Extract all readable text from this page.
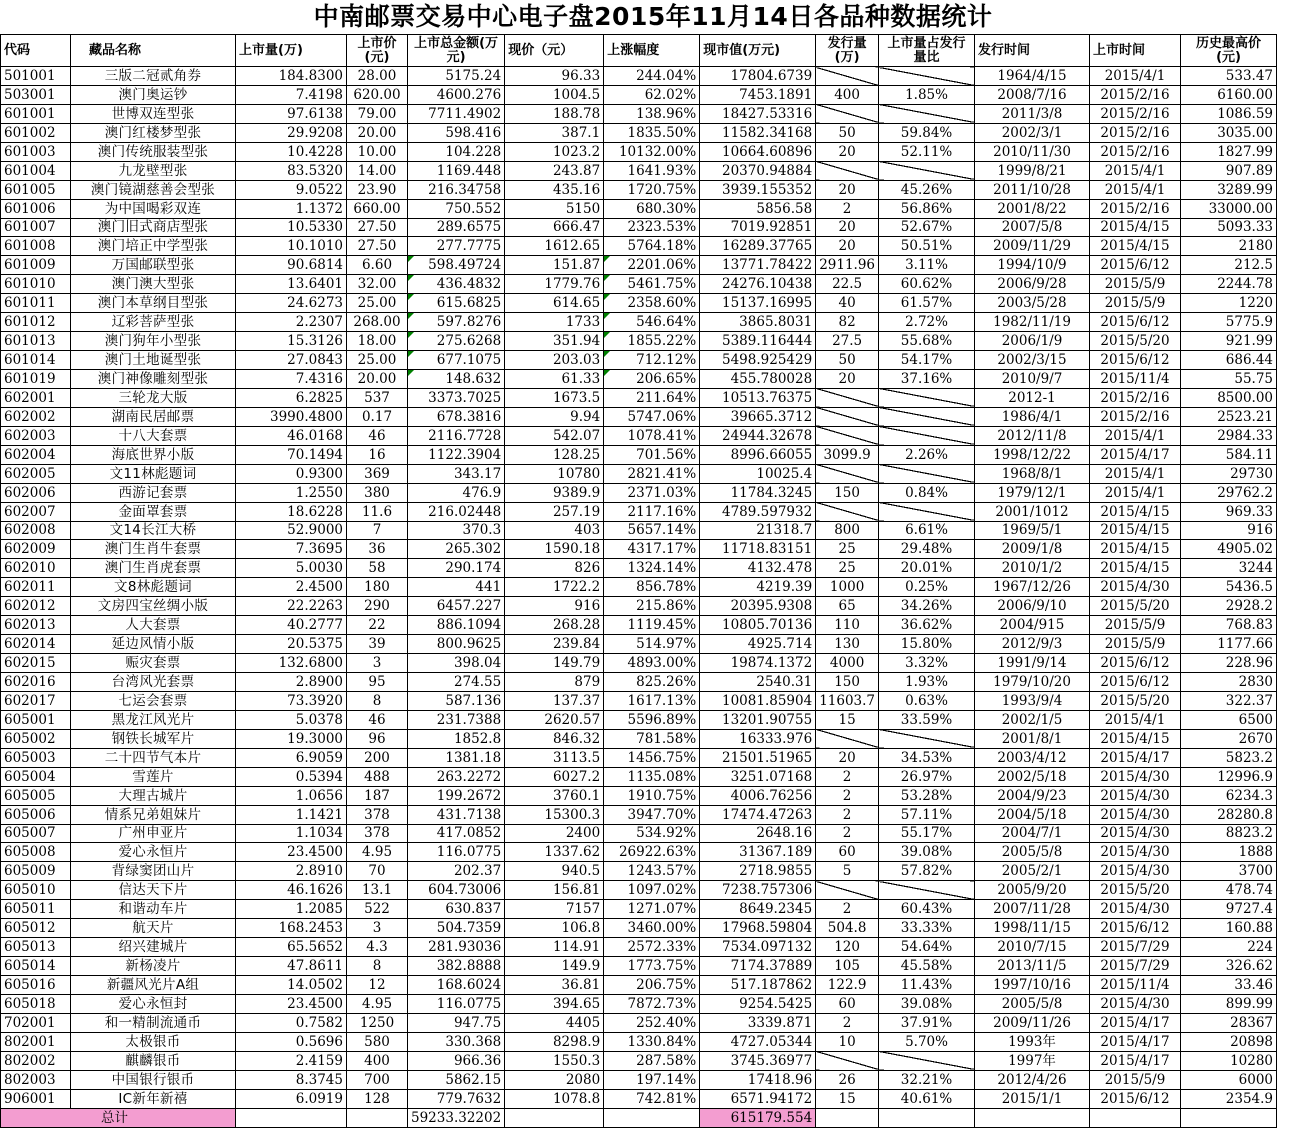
中南邮票交易中心电子盘2015年11月14日各品种数据统计
代码	藏品名称	上市量(万)	上市价(元)	上市总金额(万元)	现价（元）	上涨幅度	现市值(万元)	发行量(万)	上市量占发行量比	发行时间	上市时间	历史最高价(元)
501001	三版二冠贰角券	184.8300	28.00	5175.24	96.33	244.04%	17804.6739			1964/4/15	2015/4/1	533.47
503001	澳门奥运钞	7.4198	620.00	4600.276	1004.5	62.02%	7453.1891	400	1.85%	2008/7/16	2015/2/16	6160.00
601001	世博双连型张	97.6138	79.00	7711.4902	188.78	138.96%	18427.53316			2011/3/8	2015/2/16	1086.59
601002	澳门红楼梦型张	29.9208	20.00	598.416	387.1	1835.50%	11582.34168	50	59.84%	2002/3/1	2015/2/16	3035.00
601003	澳门传统服装型张	10.4228	10.00	104.228	1023.2	10132.00%	10664.60896	20	52.11%	2010/11/30	2015/2/16	1827.99
601004	九龙壁型张	83.5320	14.00	1169.448	243.87	1641.93%	20370.94884			1999/8/21	2015/4/1	907.89
601005	澳门镜湖慈善会型张	9.0522	23.90	216.34758	435.16	1720.75%	3939.155352	20	45.26%	2011/10/28	2015/4/1	3289.99
601006	为中国喝彩双连	1.1372	660.00	750.552	5150	680.30%	5856.58	2	56.86%	2001/8/22	2015/2/16	33000.00
601007	澳门旧式商店型张	10.5330	27.50	289.6575	666.47	2323.53%	7019.92851	20	52.67%	2007/5/8	2015/4/15	5093.33
601008	澳门培正中学型张	10.1010	27.50	277.7775	1612.65	5764.18%	16289.37765	20	50.51%	2009/11/29	2015/4/15	2180
601009	万国邮联型张	90.6814	6.60	598.49724	151.87	2201.06%	13771.78422	2911.96	3.11%	1994/10/9	2015/6/12	212.5
601010	澳门澳大型张	13.6401	32.00	436.4832	1779.76	5461.75%	24276.10438	22.5	60.62%	2006/9/28	2015/5/9	2244.78
601011	澳门本草纲目型张	24.6273	25.00	615.6825	614.65	2358.60%	15137.16995	40	61.57%	2003/5/28	2015/5/9	1220
601012	辽彩菩萨型张	2.2307	268.00	597.8276	1733	546.64%	3865.8031	82	2.72%	1982/11/19	2015/6/12	5775.9
601013	澳门狗年小型张	15.3126	18.00	275.6268	351.94	1855.22%	5389.116444	27.5	55.68%	2006/1/9	2015/5/20	921.99
601014	澳门土地诞型张	27.0843	25.00	677.1075	203.03	712.12%	5498.925429	50	54.17%	2002/3/15	2015/6/12	686.44
601019	澳门神像雕刻型张	7.4316	20.00	148.632	61.33	206.65%	455.780028	20	37.16%	2010/9/7	2015/11/4	55.75
602001	三轮龙大版	6.2825	537	3373.7025	1673.5	211.64%	10513.76375			2012-1	2015/2/16	8500.00
602002	湖南民居邮票	3990.4800	0.17	678.3816	9.94	5747.06%	39665.3712			1986/4/1	2015/2/16	2523.21
602003	十八大套票	46.0168	46	2116.7728	542.07	1078.41%	24944.32678			2012/11/8	2015/4/1	2984.33
602004	海底世界小版	70.1494	16	1122.3904	128.25	701.56%	8996.66055	3099.9	2.26%	1998/12/22	2015/4/17	584.11
602005	文11林彪题词	0.9300	369	343.17	10780	2821.41%	10025.4			1968/8/1	2015/4/1	29730
602006	西游记套票	1.2550	380	476.9	9389.9	2371.03%	11784.3245	150	0.84%	1979/12/1	2015/4/1	29762.2
602007	金面罩套票	18.6228	11.6	216.02448	257.19	2117.16%	4789.597932			2001/1012	2015/4/15	969.33
602008	文14长江大桥	52.9000	7	370.3	403	5657.14%	21318.7	800	6.61%	1969/5/1	2015/4/15	916
602009	澳门生肖牛套票	7.3695	36	265.302	1590.18	4317.17%	11718.83151	25	29.48%	2009/1/8	2015/4/15	4905.02
602010	澳门生肖虎套票	5.0030	58	290.174	826	1324.14%	4132.478	25	20.01%	2010/1/2	2015/4/15	3244
602011	文8林彪题词	2.4500	180	441	1722.2	856.78%	4219.39	1000	0.25%	1967/12/26	2015/4/30	5436.5
602012	文房四宝丝绸小版	22.2263	290	6457.227	916	215.86%	20395.9308	65	34.26%	2006/9/10	2015/5/20	2928.2
602013	人大套票	40.2777	22	886.1094	268.28	1119.45%	10805.70136	110	36.62%	2004/915	2015/5/9	768.83
602014	延边风情小版	20.5375	39	800.9625	239.84	514.97%	4925.714	130	15.80%	2012/9/3	2015/5/9	1177.66
602015	赈灾套票	132.6800	3	398.04	149.79	4893.00%	19874.1372	4000	3.32%	1991/9/14	2015/6/12	228.96
602016	台湾风光套票	2.8900	95	274.55	879	825.26%	2540.31	150	1.93%	1979/10/20	2015/6/12	2830
602017	七运会套票	73.3920	8	587.136	137.37	1617.13%	10081.85904	11603.7	0.63%	1993/9/4	2015/5/20	322.37
605001	黑龙江风光片	5.0378	46	231.7388	2620.57	5596.89%	13201.90755	15	33.59%	2002/1/5	2015/4/1	6500
605002	钢铁长城军片	19.3000	96	1852.8	846.32	781.58%	16333.976			2001/8/1	2015/4/15	2670
605003	二十四节气本片	6.9059	200	1381.18	3113.5	1456.75%	21501.51965	20	34.53%	2003/4/12	2015/4/17	5823.2
605004	雪莲片	0.5394	488	263.2272	6027.2	1135.08%	3251.07168	2	26.97%	2002/5/18	2015/4/30	12996.9
605005	大理古城片	1.0656	187	199.2672	3760.1	1910.75%	4006.76256	2	53.28%	2004/9/23	2015/4/30	6234.3
605006	情系兄弟姐妹片	1.1421	378	431.7138	15300.3	3947.70%	17474.47263	2	57.11%	2004/5/18	2015/4/30	28280.8
605007	广州申亚片	1.1034	378	417.0852	2400	534.92%	2648.16	2	55.17%	2004/7/1	2015/4/30	8823.2
605008	爱心永恒片	23.4500	4.95	116.0775	1337.62	26922.63%	31367.189	60	39.08%	2005/5/8	2015/4/30	1888
605009	背绿窦团山片	2.8910	70	202.37	940.5	1243.57%	2718.9855	5	57.82%	2005/2/1	2015/4/30	3700
605010	信达天下片	46.1626	13.1	604.73006	156.81	1097.02%	7238.757306			2005/9/20	2015/5/20	478.74
605011	和谐动车片	1.2085	522	630.837	7157	1271.07%	8649.2345	2	60.43%	2007/11/28	2015/4/30	9727.4
605012	航天片	168.2453	3	504.7359	106.8	3460.00%	17968.59804	504.8	33.33%	1998/11/15	2015/6/12	160.88
605013	绍兴建城片	65.5652	4.3	281.93036	114.91	2572.33%	7534.097132	120	54.64%	2010/7/15	2015/7/29	224
605014	新杨凌片	47.8611	8	382.8888	149.9	1773.75%	7174.37889	105	45.58%	2013/11/5	2015/7/29	326.62
605016	新疆风光片A组	14.0502	12	168.6024	36.81	206.75%	517.187862	122.9	11.43%	1997/10/16	2015/11/4	33.46
605018	爱心永恒封	23.4500	4.95	116.0775	394.65	7872.73%	9254.5425	60	39.08%	2005/5/8	2015/4/30	899.99
702001	和一精制流通币	0.7582	1250	947.75	4405	252.40%	3339.871	2	37.91%	2009/11/26	2015/4/17	28367
802001	太极银币	0.5696	580	330.368	8298.9	1330.84%	4727.05344	10	5.70%	1993年	2015/4/17	20898
802002	麒麟银币	2.4159	400	966.36	1550.3	287.58%	3745.36977			1997年	2015/4/17	10280
802003	中国银行银币	8.3745	700	5862.15	2080	197.14%	17418.96	26	32.21%	2012/4/26	2015/5/9	6000
906001	IC新年新禧	6.0919	128	779.7632	1078.8	742.81%	6571.94172	15	40.61%	2015/1/1	2015/6/12	2354.9
总计				59233.32202			615179.554					
